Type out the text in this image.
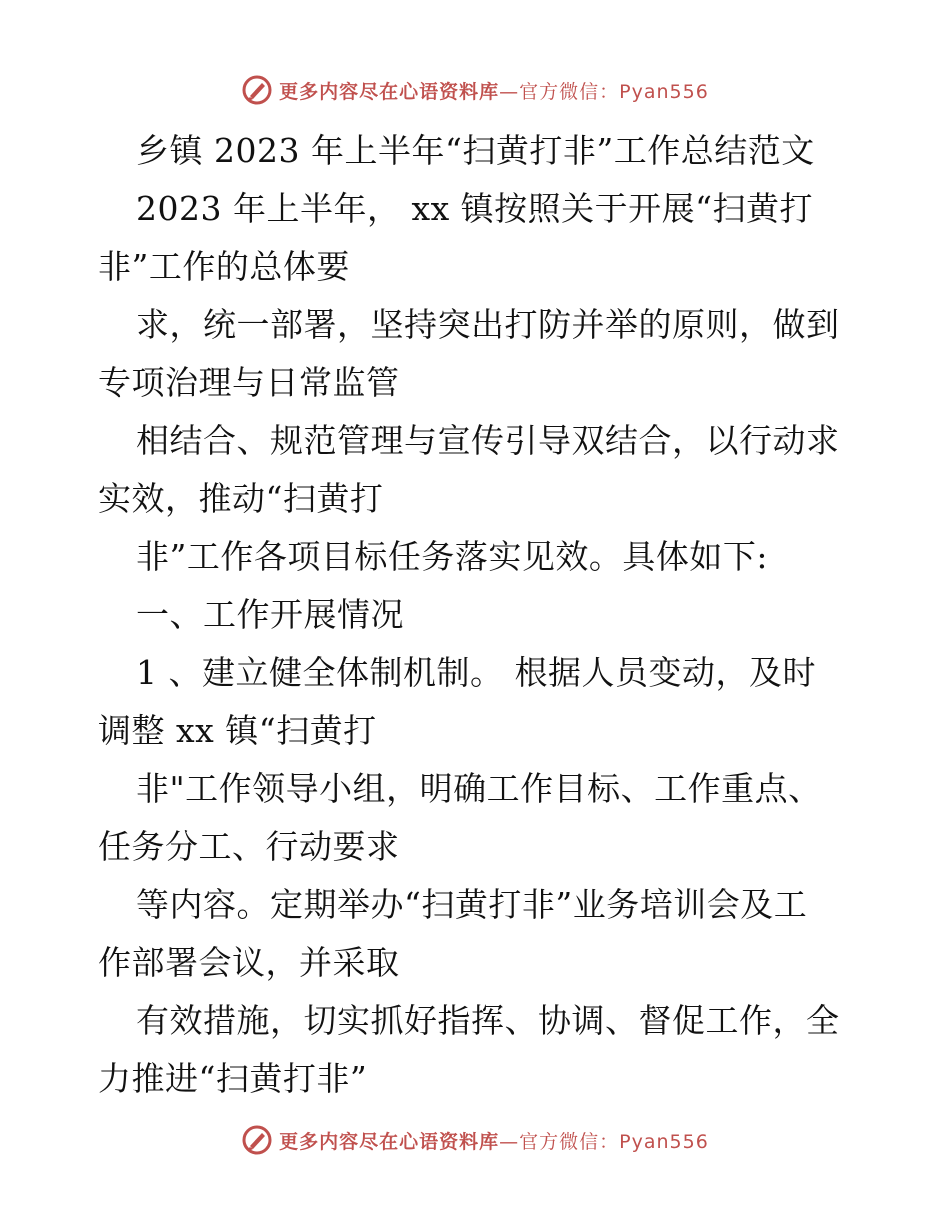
更多内容尽在心语资料库—官方微信：Pyan556
乡镇 2023 年上半年“扫黄打非”工作总结范文
2023 年上半年， xx 镇按照关于开展“扫黄打
非”工作的总体要
求，统一部署，坚持突出打防并举的原则，做到
专项治理与日常监管
相结合、规范管理与宣传引导双结合，以行动求
实效，推动“扫黄打
非”工作各项目标任务落实见效。具体如下:
一、工作开展情况
1 、建立健全体制机制。 根据人员变动，及时
调整 xx 镇“扫黄打
非"工作领导小组，明确工作目标、工作重点、
任务分工、行动要求
等内容。定期举办“扫黄打非”业务培训会及工
作部署会议，并采取
有效措施，切实抓好指挥、协调、督促工作，全
力推进“扫黄打非”
更多内容尽在心语资料库—官方微信：Pyan556
